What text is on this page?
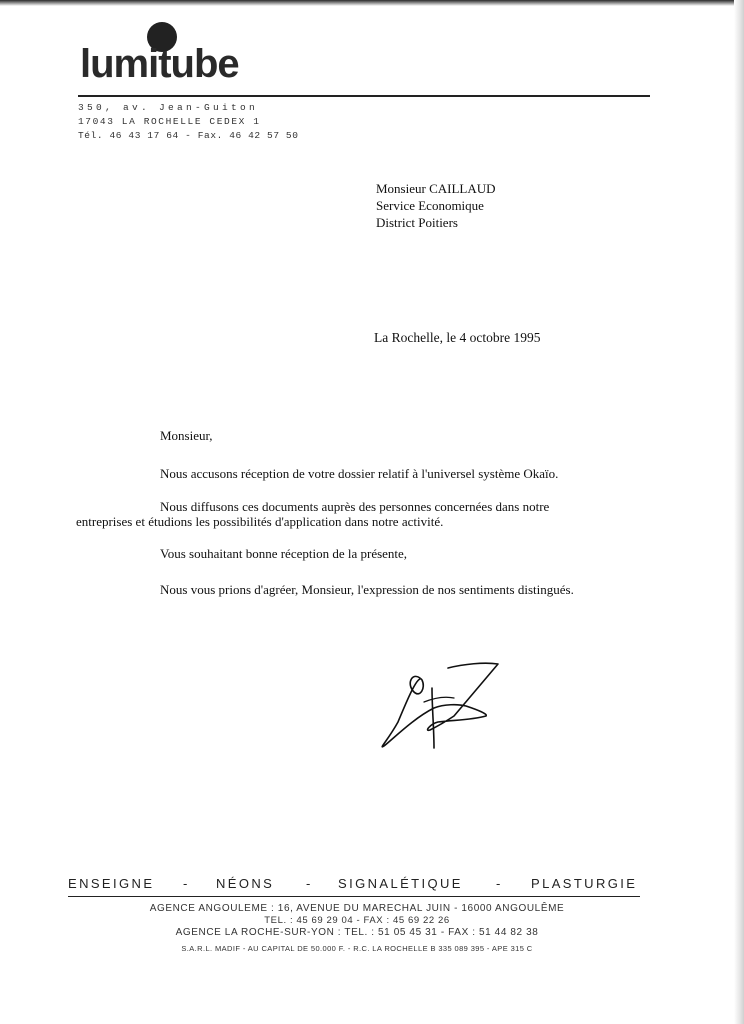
lumitube
350, av. Jean-Guiton
17043 LA ROCHELLE CEDEX 1
Tél. 46 43 17 64 - Fax. 46 42 57 50
Monsieur CAILLAUD
Service Economique
District Poitiers
La Rochelle, le 4 octobre 1995
Monsieur,
Nous accusons réception de votre dossier relatif à l'universel système Okaïo.
Nous diffusons ces documents auprès des personnes concernées dans notre
entreprises et étudions les possibilités d'application dans notre activité.
Vous souhaitant bonne réception de la présente,
Nous vous prions d'agréer, Monsieur, l'expression de nos sentiments distingués.
ENSEIGNE - NÉONS - SIGNALÉTIQUE	- PLASTURGIE
AGENCE ANGOULEME : 16, AVENUE DU MARECHAL JUIN - 16000 ANGOULÊME
TEL. : 45 69 29 04 - FAX : 45 69 22 26
AGENCE LA ROCHE-SUR-YON : TEL. : 51 05 45 31 - FAX : 51 44 82 38
S.A.R.L. MADIF - AU CAPITAL DE 50.000 F. - R.C. LA ROCHELLE B 335 089 395 - APE 315 C
